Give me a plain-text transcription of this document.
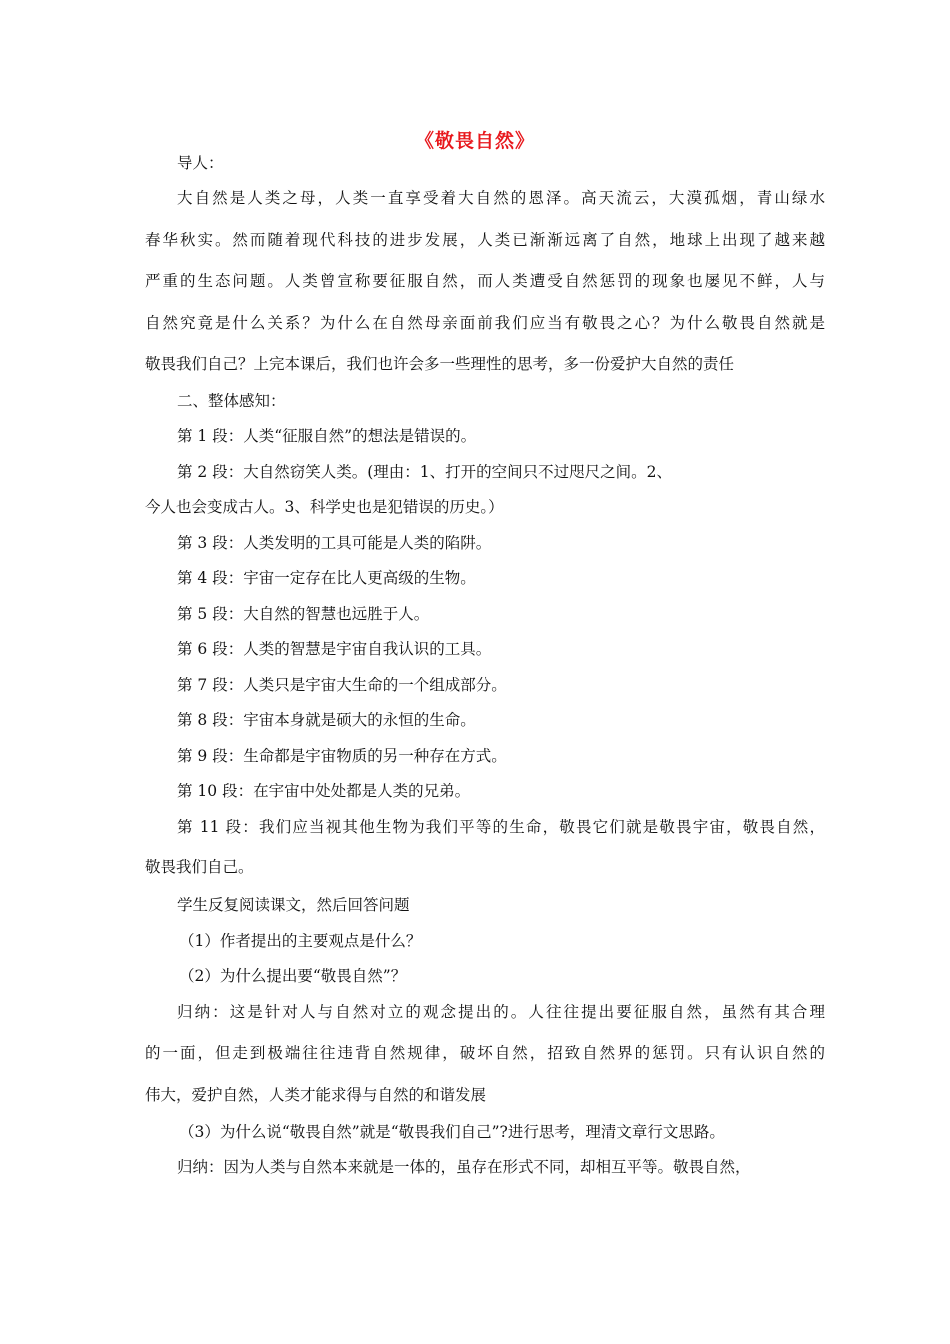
《敬畏自然》
导人：
大自然是人类之母，人类一直享受着大自然的恩泽。高天流云，大漠孤烟，青山绿水
春华秋实。然而随着现代科技的进步发展，人类已渐渐远离了自然，地球上出现了越来越
严重的生态问题。人类曾宣称要征服自然，而人类遭受自然惩罚的现象也屡见不鲜，人与
自然究竟是什么关系？为什么在自然母亲面前我们应当有敬畏之心？为什么敬畏自然就是
敬畏我们自己？上完本课后，我们也许会多一些理性的思考，多一份爱护大自然的责任
二、整体感知：
第 1 段：人类“征服自然”的想法是错误的。
第 2 段：大自然窃笑人类。(理由：1、打开的空间只不过咫尺之间。2、
今人也会变成古人。3、科学史也是犯错误的历史。）
第 3 段：人类发明的工具可能是人类的陷阱。
第 4 段：宇宙一定存在比人更高级的生物。
第 5 段：大自然的智慧也远胜于人。
第 6 段：人类的智慧是宇宙自我认识的工具。
第 7 段：人类只是宇宙大生命的一个组成部分。
第 8 段：宇宙本身就是硕大的永恒的生命。
第 9 段：生命都是宇宙物质的另一种存在方式。
第 10 段：在宇宙中处处都是人类的兄弟。
第 11 段：我们应当视其他生物为我们平等的生命，敬畏它们就是敬畏宇宙，敬畏自然，
敬畏我们自己。
学生反复阅读课文，然后回答问题
（1）作者提出的主要观点是什么？
（2）为什么提出要“敬畏自然”？
归纳：这是针对人与自然对立的观念提出的。人往往提出要征服自然，虽然有其合理
的一面，但走到极端往往违背自然规律，破坏自然，招致自然界的惩罚。只有认识自然的
伟大，爱护自然，人类才能求得与自然的和谐发展
（3）为什么说“敬畏自然”就是“敬畏我们自己”?进行思考，理清文章行文思路。
归纳：因为人类与自然本来就是一体的，虽存在形式不同，却相互平等。敬畏自然，
